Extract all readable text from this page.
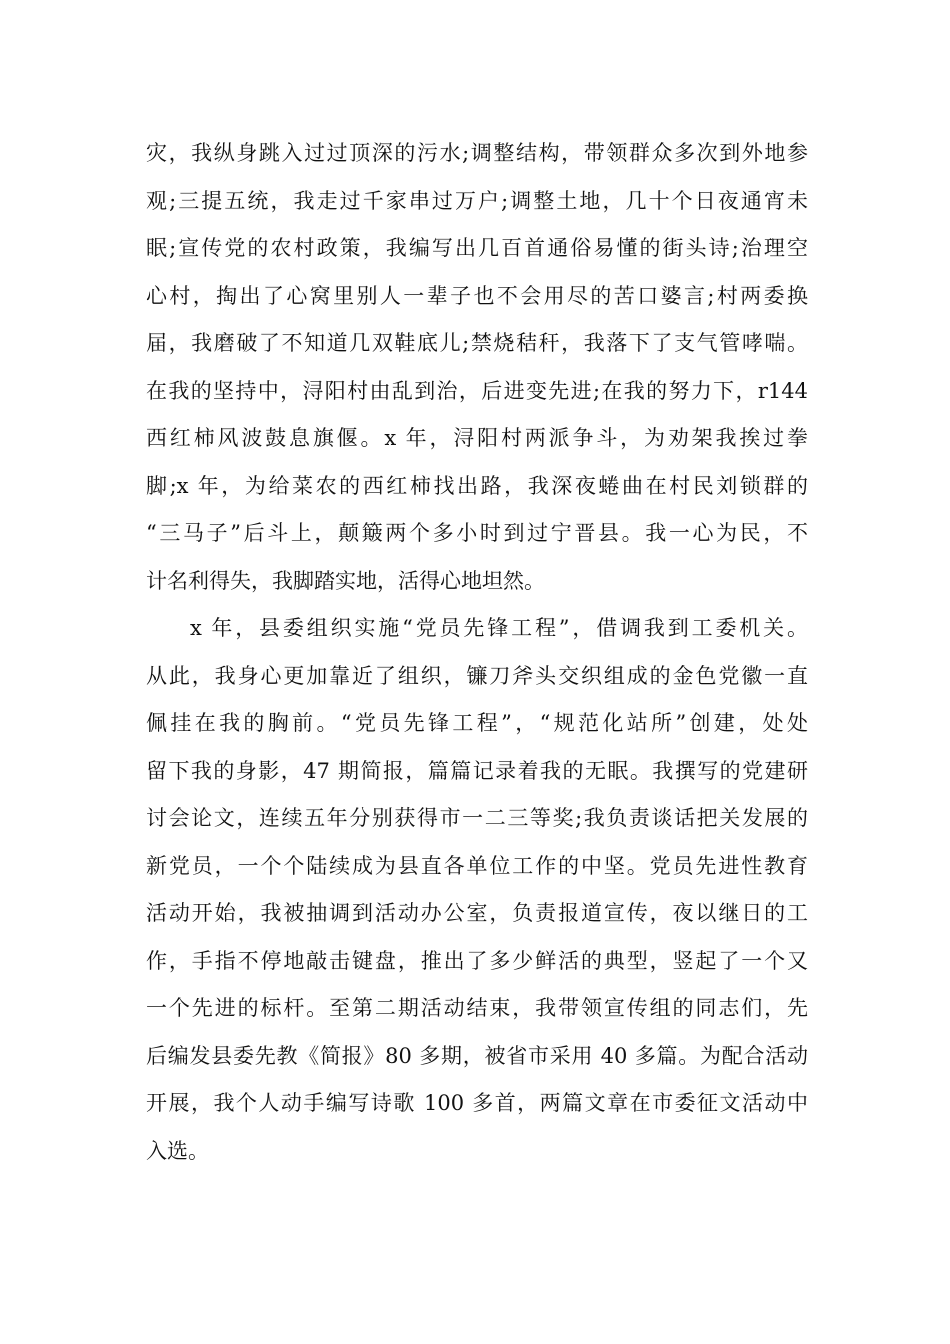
灾，我纵身跳入过过顶深的污水;调整结构，带领群众多次到外地参
观;三提五统，我走过千家串过万户;调整土地，几十个日夜通宵未
眠;宣传党的农村政策，我编写出几百首通俗易懂的街头诗;治理空
心村，掏出了心窝里别人一辈子也不会用尽的苦口婆言;村两委换
届，我磨破了不知道几双鞋底儿;禁烧秸秆，我落下了支气管哮喘。
在我的坚持中，浔阳村由乱到治，后进变先进;在我的努力下，r144
西红柿风波鼓息旗偃。x 年，浔阳村两派争斗，为劝架我挨过拳
脚;x 年，为给菜农的西红柿找出路，我深夜蜷曲在村民刘锁群的
“三马子”后斗上，颠簸两个多小时到过宁晋县。我一心为民，不
计名利得失，我脚踏实地，活得心地坦然。
x 年，县委组织实施“党员先锋工程”，借调我到工委机关。
从此，我身心更加靠近了组织，镰刀斧头交织组成的金色党徽一直
佩挂在我的胸前。“党员先锋工程”，“规范化站所”创建，处处
留下我的身影，47 期简报，篇篇记录着我的无眠。我撰写的党建研
讨会论文，连续五年分别获得市一二三等奖;我负责谈话把关发展的
新党员，一个个陆续成为县直各单位工作的中坚。党员先进性教育
活动开始，我被抽调到活动办公室，负责报道宣传，夜以继日的工
作，手指不停地敲击键盘，推出了多少鲜活的典型，竖起了一个又
一个先进的标杆。至第二期活动结束，我带领宣传组的同志们，先
后编发县委先教《简报》80 多期，被省市采用 40 多篇。为配合活动
开展，我个人动手编写诗歌 100 多首，两篇文章在市委征文活动中
入选。
